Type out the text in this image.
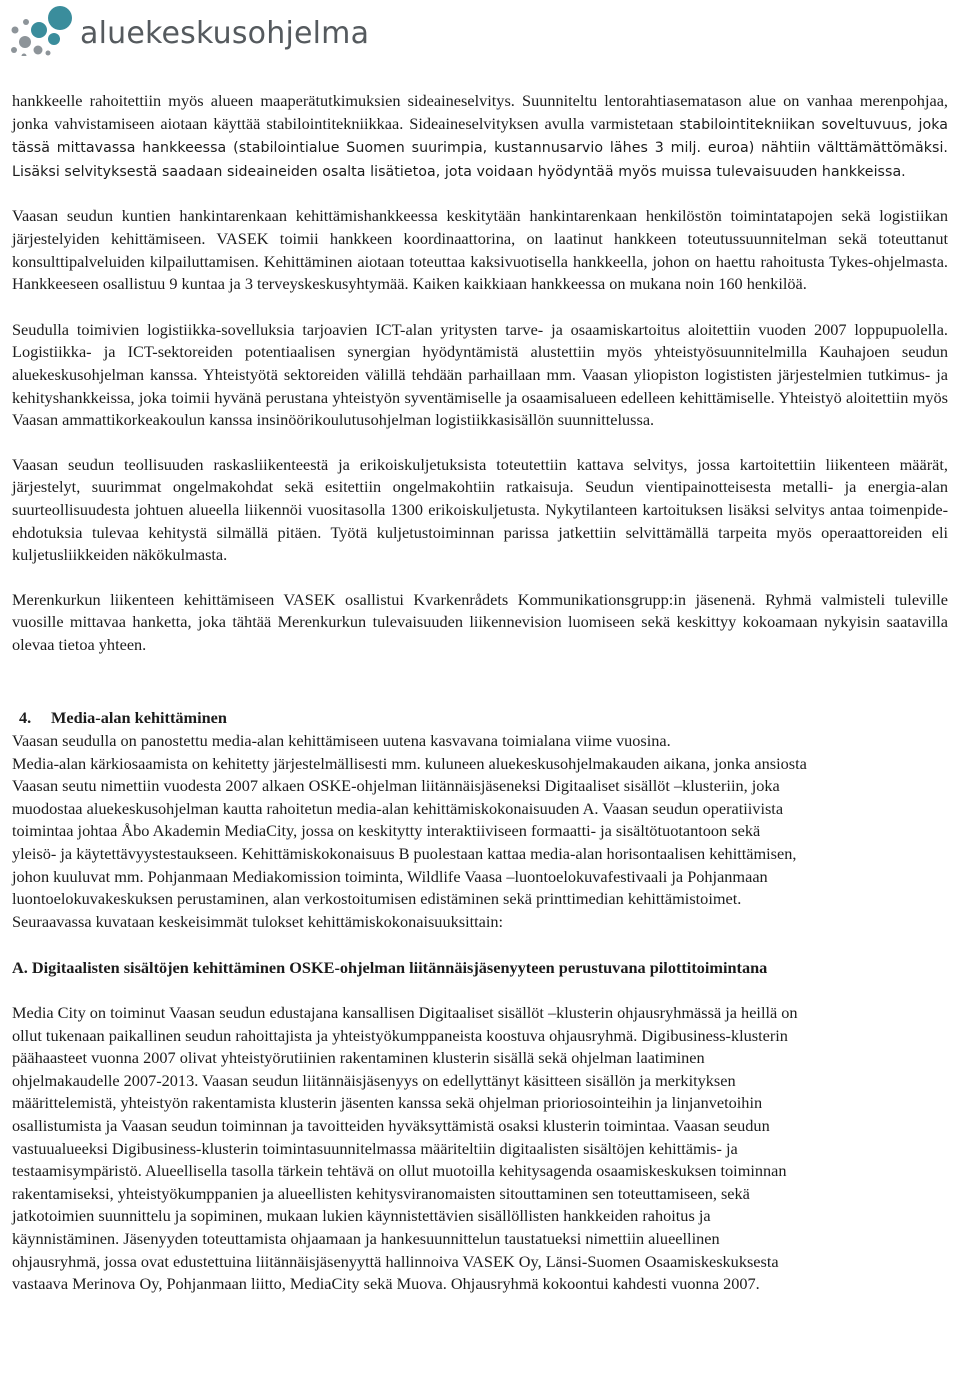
aluekeskusohjelma

hankkeelle rahoitettiin myös alueen maaperätutkimuksien sideaineselvitys. Suunniteltu lentorahtiasematason alue on vanhaa merenpohjaa, jonka vahvistamiseen aiotaan käyttää stabilointitekniikkaa. Sideaineselvityksen avulla varmistetaan stabilointitekniikan soveltuvuus, joka tässä mittavassa hankkeessa (stabilointialue Suomen suurimpia, kustannusarvio lähes 3 milj. euroa) nähtiin välttämättömäksi. Lisäksi selvityksestä saadaan sideaineiden osalta lisätietoa, jota voidaan hyödyntää myös muissa tulevaisuuden hankkeissa.

Vaasan seudun kuntien hankintarenkaan kehittämishankkeessa keskitytään hankintarenkaan henkilöstön toimintatapojen sekä logistiikan järjestelyiden kehittämiseen. VASEK toimii hankkeen koordinaattorina, on laatinut hankkeen toteutussuunnitelman sekä toteuttanut konsulttipalveluiden kilpailuttamisen. Kehittäminen aiotaan toteuttaa kaksivuotisella hankkeella, johon on haettu rahoitusta Tykes-ohjelmasta. Hankkeeseen osallistuu 9 kuntaa ja 3 terveyskeskusyhtymää. Kaiken kaikkiaan hankkeessa on mukana noin 160 henkilöä.

Seudulla toimivien logistiikka-sovelluksia tarjoavien ICT-alan yritysten tarve- ja osaamiskartoitus aloitettiin vuoden 2007 loppupuolella. Logistiikka- ja ICT-sektoreiden potentiaalisen synergian hyödyntämistä alustettiin myös yhteistyösuunnitelmilla Kauhajoen seudun aluekeskusohjelman kanssa. Yhteistyötä sektoreiden välillä tehdään parhaillaan mm. Vaasan yliopiston logististen järjestelmien tutkimus- ja kehityshankkeissa, joka toimii hyvänä perustana yhteistyön syventämiselle ja osaamisalueen edelleen kehittämiselle. Yhteistyö aloitettiin myös Vaasan ammattikorkeakoulun kanssa insinöörikoulutusohjelman logistiikkasisällön suunnittelussa.

Vaasan seudun teollisuuden raskasliikenteestä ja erikoiskuljetuksista toteutettiin kattava selvitys, jossa kartoitettiin liikenteen määrät, järjestelyt, suurimmat ongelmakohdat sekä esitettiin ongelmakohtiin ratkaisuja. Seudun vientipainotteisesta metalli- ja energia-alan suurteollisuudesta johtuen alueella liikennöi vuositasolla 1300 erikoiskuljetusta. Nykytilanteen kartoituksen lisäksi selvitys antaa toimenpide-ehdotuksia tulevaa kehitystä silmällä pitäen. Työtä kuljetustoiminnan parissa jatkettiin selvittämällä tarpeita myös operaattoreiden eli kuljetusliikkeiden näkökulmasta.

Merenkurkun liikenteen kehittämiseen VASEK osallistui Kvarkenrådets Kommunikationsgrupp:in jäsenenä. Ryhmä valmisteli tuleville vuosille mittavaa hanketta, joka tähtää Merenkurkun tulevaisuuden liikennevision luomiseen sekä keskittyy kokoamaan nykyisin saatavilla olevaa tietoa yhteen.

4. Media-alan kehittäminen

Vaasan seudulla on panostettu media-alan kehittämiseen uutena kasvavana toimialana viime vuosina.
Media-alan kärkiosaamista on kehitetty järjestelmällisesti mm. kuluneen aluekeskusohjelmakauden aikana, jonka ansiosta
Vaasan seutu nimettiin vuodesta 2007 alkaen OSKE-ohjelman liitännäisjäseneksi Digitaaliset sisällöt –klusteriin, joka
muodostaa aluekeskusohjelman kautta rahoitetun media-alan kehittämiskokonaisuuden A. Vaasan seudun operatiivista
toimintaa johtaa Åbo Akademin MediaCity, jossa on keskitytty interaktiiviseen formaatti- ja sisältötuotantoon sekä
yleisö- ja käytettävyystestaukseen. Kehittämiskokonaisuus B puolestaan kattaa media-alan horisontaalisen kehittämisen,
johon kuuluvat mm. Pohjanmaan Mediakomission toiminta, Wildlife Vaasa –luontoelokuvafestivaali ja Pohjanmaan
luontoelokuvakeskuksen perustaminen, alan verkostoitumisen edistäminen sekä printtimedian kehittämistoimet.
Seuraavassa kuvataan keskeisimmät tulokset kehittämiskokonaisuuksittain:

A. Digitaalisten sisältöjen kehittäminen OSKE-ohjelman liitännäisjäsenyyteen perustuvana pilottitoimintana

Media City on toiminut Vaasan seudun edustajana kansallisen Digitaaliset sisällöt –klusterin ohjausryhmässä ja heillä on
ollut tukenaan paikallinen seudun rahoittajista ja yhteistyökumppaneista koostuva ohjausryhmä. Digibusiness-klusterin
päähaasteet vuonna 2007 olivat yhteistyörutiinien rakentaminen klusterin sisällä sekä ohjelman laatiminen
ohjelmakaudelle 2007-2013. Vaasan seudun liitännäisjäsenyys on edellyttänyt käsitteen sisällön ja merkityksen
määrittelemistä, yhteistyön rakentamista klusterin jäsenten kanssa sekä ohjelman prioriosointeihin ja linjanvetoihin
osallistumista ja Vaasan seudun toiminnan ja tavoitteiden hyväksyttämistä osaksi klusterin toimintaa. Vaasan seudun
vastuualueeksi Digibusiness-klusterin toimintasuunnitelmassa määriteltiin digitaalisten sisältöjen kehittämis- ja
testaamisympäristö. Alueellisella tasolla tärkein tehtävä on ollut muotoilla kehitysagenda osaamiskeskuksen toiminnan
rakentamiseksi, yhteistyökumppanien ja alueellisten kehitysviranomaisten sitouttaminen sen toteuttamiseen, sekä
jatkotoimien suunnittelu ja sopiminen, mukaan lukien käynnistettävien sisällöllisten hankkeiden rahoitus ja
käynnistäminen. Jäsenyyden toteuttamista ohjaamaan ja hankesuunnittelun taustatueksi nimettiin alueellinen
ohjausryhmä, jossa ovat edustettuina liitännäisjäsenyyttä hallinnoiva VASEK Oy, Länsi-Suomen Osaamiskeskuksesta
vastaava Merinova Oy, Pohjanmaan liitto, MediaCity sekä Muova. Ohjausryhmä kokoontui kahdesti vuonna 2007.
